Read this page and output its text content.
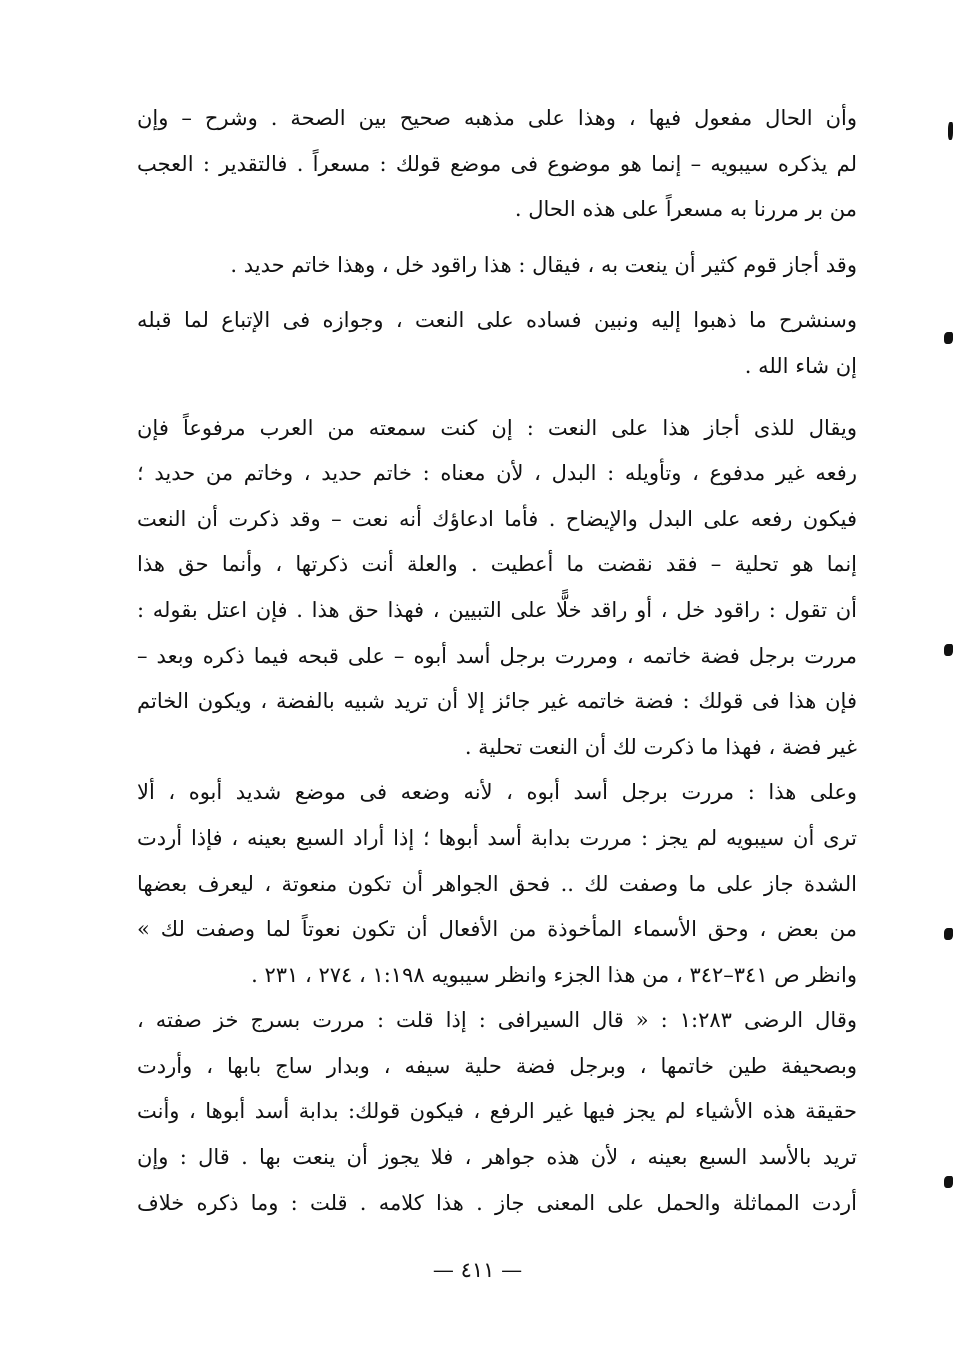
وأن الحال مفعول فيها ، وهذا على مذهبه صحيح بين الصحة . وشرح – وإن
لم يذكره سيبويه – إنما هو موضوع فى موضع قولك : مسعراً . فالتقدير : العجب
من بر مررنا به مسعراً على هذه الحال .

وقد أجاز قوم كثير أن ينعت به ، فيقال : هذا راقود خل ، وهذا خاتم حديد .

وسنشرح ما ذهبوا إليه ونبين فساده على النعت ، وجوازه فى الإتباع لما قبله
إن شاء الله .

ويقال للذى أجاز هذا على النعت : إن كنت سمعته من العرب مرفوعاً فإن
رفعه غير مدفوع ، وتأويله : البدل ، لأن معناه : خاتم حديد ، وخاتم من حديد ؛
فيكون رفعه على البدل والإيضاح . فأما ادعاؤك أنه نعت – وقد ذكرت أن النعت
إنما هو تحلية – فقد نقضت ما أعطيت . والعلة أنت ذكرتها ، وأنما حق هذا
أن تقول : راقود خل ، أو راقد خلًّا على التبيين ، فهذا حق هذا . فإن اعتل بقوله :
مررت برجل فضة خاتمه ، ومررت برجل أسد أبوه – على قبحه فيما ذكره وبعد –
فإن هذا فى قولك : فضة خاتمه غير جائز إلا أن تريد شبيه بالفضة ، ويكون الخاتم
غير فضة ، فهذا ما ذكرت لك أن النعت تحلية .

وعلى هذا : مررت برجل أسد أبوه ، لأنه وضعه فى موضع شديد أبوه ، ألا
ترى أن سيبويه لم يجز : مررت بدابة أسد أبوها ؛ إذا أراد السبع بعينه ، فإذا أردت
الشدة جاز على ما وصفت لك .. فحق الجواهر أن تكون منعوتة ، ليعرف بعضها
من بعض ، وحق الأسماء المأخوذة من الأفعال أن تكون نعوتاً لما وصفت لك »
وانظر ص ٣٤١–٣٤٢ ، من هذا الجزء وانظر سيبويه ١:١٩٨ ، ٢٧٤ ، ٢٣١ .

وقال الرضى ١:٢٨٣ : « قال السيرافى : إذا قلت : مررت بسرج خز صفته ،
وبصحيفة طين خاتمها ، وبرجل فضة حلية سيفه ، وبدار ساج بابها ، وأردت
حقيقة هذه الأشياء لم يجز فيها غير الرفع ، فيكون قولك: بدابة أسد أبوها ، وأنت
تريد بالأسد السبع بعينه ، لأن هذه جواهر ، فلا يجوز أن ينعت بها . قال : وإن
أردت المماثلة والحمل على المعنى جاز . هذا كلامه . قلت : وما ذكره خلاف

— ٤١١ —
